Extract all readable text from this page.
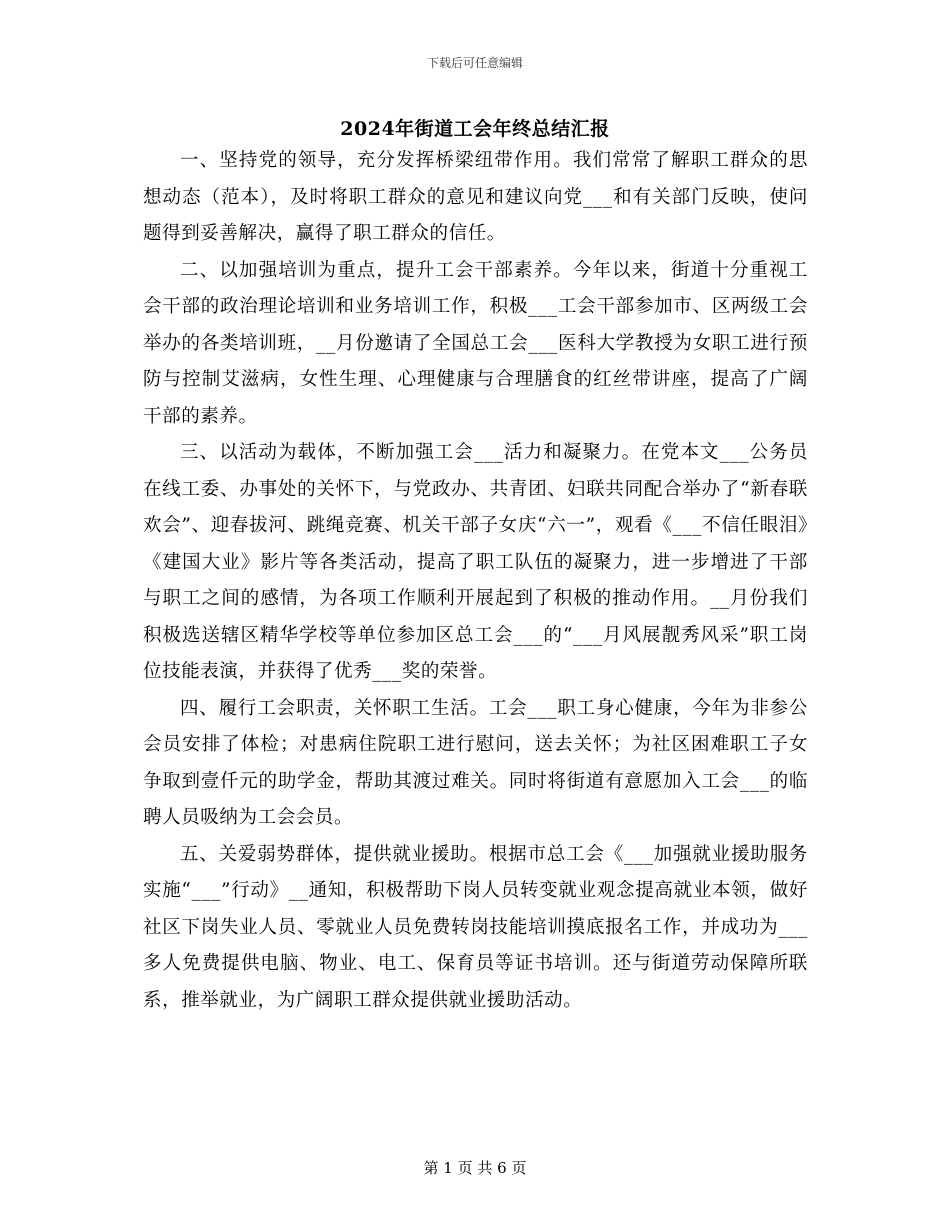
下载后可任意编辑
2024年街道工会年终总结汇报

一、坚持党的领导，充分发挥桥梁纽带作用。我们常常了解职工群众的思想动态（范本），及时将职工群众的意见和建议向党___和有关部门反映，使问题得到妥善解决，赢得了职工群众的信任。

二、以加强培训为重点，提升工会干部素养。今年以来，街道十分重视工会干部的政治理论培训和业务培训工作，积极___工会干部参加市、区两级工会举办的各类培训班，__月份邀请了全国总工会___医科大学教授为女职工进行预防与控制艾滋病，女性生理、心理健康与合理膳食的红丝带讲座，提高了广阔干部的素养。

三、以活动为载体，不断加强工会___活力和凝聚力。在党本文___公务员在线工委、办事处的关怀下，与党政办、共青团、妇联共同配合举办了“新春联欢会”、迎春拔河、跳绳竞赛、机关干部子女庆“六一”，观看《___不信任眼泪》《建国大业》影片等各类活动，提高了职工队伍的凝聚力，进一步增进了干部与职工之间的感情，为各项工作顺利开展起到了积极的推动作用。__月份我们积极选送辖区精华学校等单位参加区总工会___的“___月风展靓秀风采”职工岗位技能表演，并获得了优秀___奖的荣誉。

四、履行工会职责，关怀职工生活。工会___职工身心健康，今年为非参公会员安排了体检；对患病住院职工进行慰问，送去关怀；为社区困难职工子女争取到壹仟元的助学金，帮助其渡过难关。同时将街道有意愿加入工会___的临聘人员吸纳为工会会员。

五、关爱弱势群体，提供就业援助。根据市总工会《___加强就业援助服务实施“___”行动》__通知，积极帮助下岗人员转变就业观念提高就业本领，做好社区下岗失业人员、零就业人员免费转岗技能培训摸底报名工作，并成功为___多人免费提供电脑、物业、电工、保育员等证书培训。还与街道劳动保障所联系，推举就业，为广阔职工群众提供就业援助活动。

第 1 页 共 6 页
